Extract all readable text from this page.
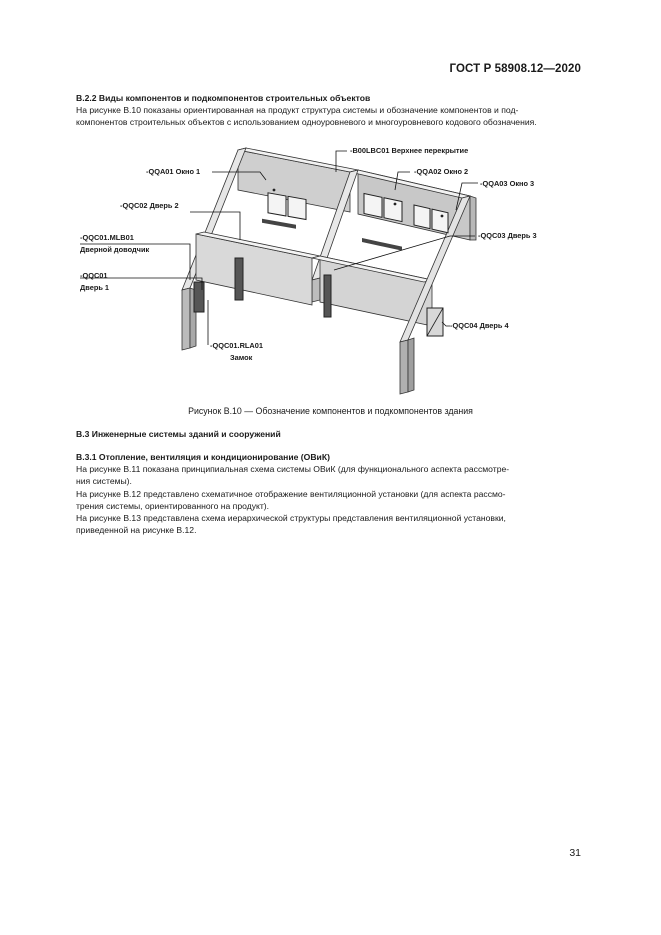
ГОСТ Р 58908.12—2020
В.2.2 Виды компонентов и подкомпонентов строительных объектов
На рисунке В.10 показаны ориентированная на продукт структура системы и обозначение компонентов и под-
компонентов строительных объектов с использованием одноуровневого и многоуровневого кодового обозначения.
-B00LBC01 Верхнее перекрытие
-QQA01 Окно 1	-QQA02 Окно 2
-QQA03 Окно 3
-QQC02 Дверь 2
-QQC01.MLB01
Дверной доводчик
-QQC03 Дверь 3
-QQC01
Дверь 1
-QQC04 Дверь 4
-QQC01.RLA01
Замок
Рисунок В.10 — Обозначение компонентов и подкомпонентов здания
В.3 Инженерные системы зданий и сооружений
В.3.1 Отопление, вентиляция и кондиционирование (ОВиК)
На рисунке В.11 показана принципиальная схема системы ОВиК (для функционального аспекта рассмотре-
ния системы).
На рисунке В.12 представлено схематичное отображение вентиляционной установки (для аспекта рассмо-
трения системы, ориентированного на продукт).
На рисунке В.13 представлена схема иерархической структуры представления вентиляционной установки,
приведенной на рисунке В.12.
31
